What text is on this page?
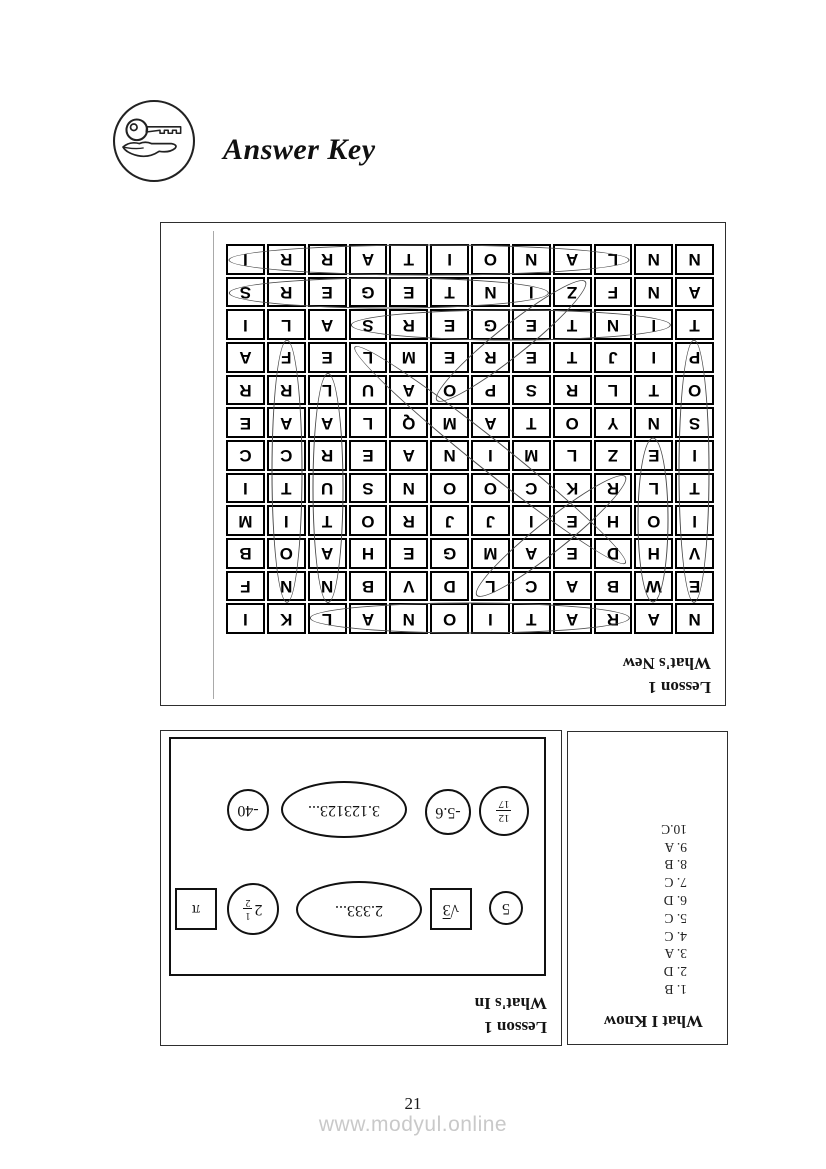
Answer Key
Lesson 1
What's New
N
A
R
A
T
I
O
N
A
L
K
I
E
W
B
A
C
L
D
V
B
N
N
F
V
H
D
E
A
M
G
E
H
A
O
B
I
O
H
E
I
J
J
R
O
T
I
M
T
L
R
K
C
O
O
N
S
U
T
I
I
E
Z
L
M
I
N
A
E
R
C
C
S
N
Y
O
T
A
M
Q
L
A
A
E
O
T
L
R
S
P
O
A
U
L
R
R
P
I
J
T
E
R
E
M
L
E
F
A
T
I
N
T
E
G
E
R
S
A
L
I
A
N
F
Z
I
N
T
E
G
E
R
S
N
N
L
A
N
O
I
T
A
R
R
I
Lesson 1
What's In
5
√3
2.333...
2
1
2
π
12
17
-5.6
3.123123...
-40
What I Know
1. B
2. D
3. A
4. C
5. C
6. D
7. C
8. B
9. A
10.C
21
www.modyul.online
